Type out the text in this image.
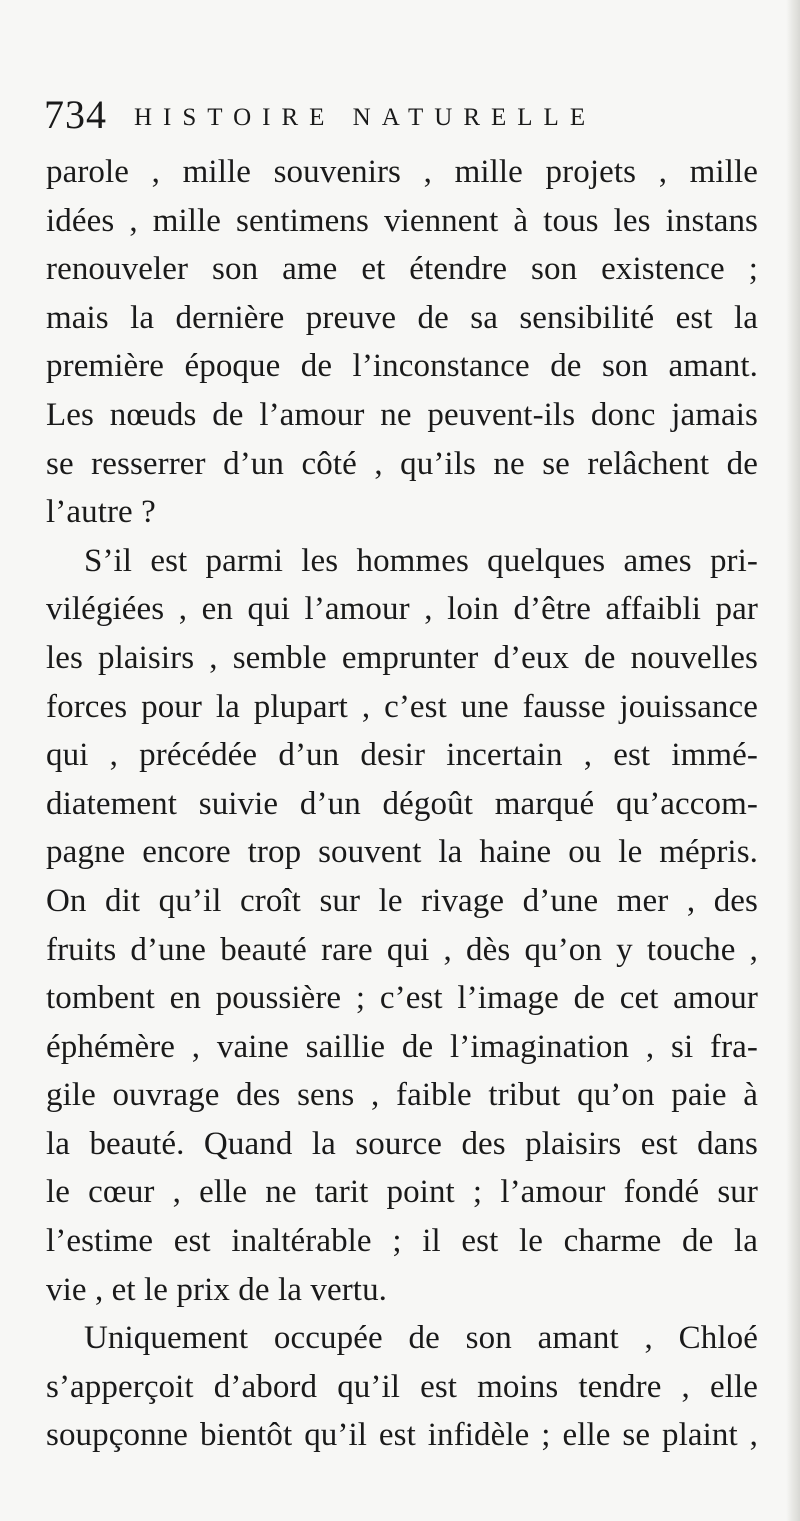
734 HISTOIRE NATURELLE
parole , mille souvenirs , mille projets , mille
idées , mille sentimens viennent à tous les instans
renouveler son ame et étendre son existence ;
mais la dernière preuve de sa sensibilité est la
première époque de l’inconstance de son amant.
Les nœuds de l’amour ne peuvent-ils donc jamais
se resserrer d’un côté , qu’ils ne se relâchent de
l’autre ?
S’il est parmi les hommes quelques ames pri-
vilégiées , en qui l’amour , loin d’être affaibli par
les plaisirs , semble emprunter d’eux de nouvelles
forces pour la plupart , c’est une fausse jouissance
qui , précédée d’un desir incertain , est immé-
diatement suivie d’un dégoût marqué qu’accom-
pagne encore trop souvent la haine ou le mépris.
On dit qu’il croît sur le rivage d’une mer , des
fruits d’une beauté rare qui , dès qu’on y touche ,
tombent en poussière ; c’est l’image de cet amour
éphémère , vaine saillie de l’imagination , si fra-
gile ouvrage des sens , faible tribut qu’on paie à
la beauté. Quand la source des plaisirs est dans
le cœur , elle ne tarit point ; l’amour fondé sur
l’estime est inaltérable ; il est le charme de la
vie , et le prix de la vertu.
Uniquement occupée de son amant , Chloé
s’apperçoit d’abord qu’il est moins tendre , elle
soupçonne bientôt qu’il est infidèle ; elle se plaint ,
